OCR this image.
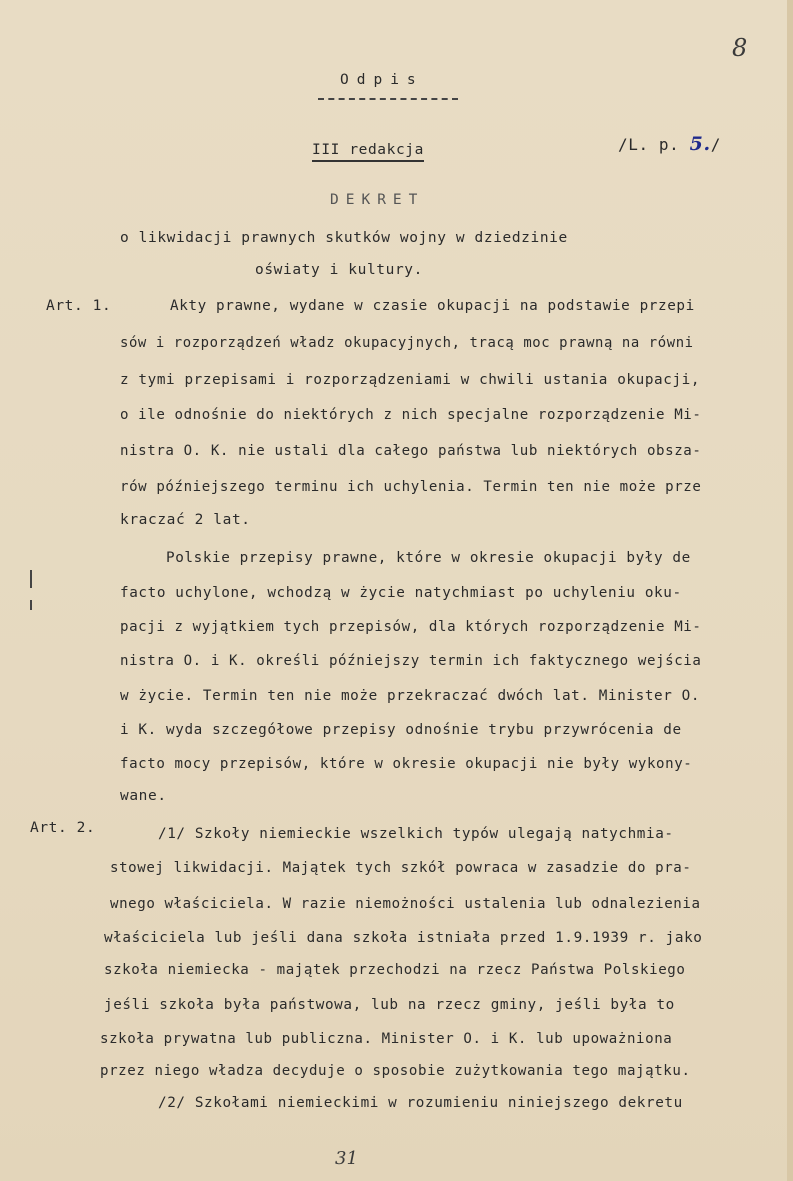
8
Odpis
III redakcja	/L. p. 5./
DEKRET
o likwidacji prawnych skutków wojny w dziedzinie
oświaty i kultury.
Art. 1.	Akty prawne, wydane w czasie okupacji na podstawie przepi
sów i rozporządzeń władz okupacyjnych, tracą moc prawną na równi
z tymi przepisami i rozporządzeniami w chwili ustania okupacji,
o ile odnośnie do niektórych z nich specjalne rozporządzenie Mi-
nistra O. K. nie ustali dla całego państwa lub niektórych obsza-
rów późniejszego terminu ich uchylenia. Termin ten nie może prze
kraczać 2 lat.
Polskie przepisy prawne, które w okresie okupacji były de
facto uchylone, wchodzą w życie natychmiast po uchyleniu oku-
pacji z wyjątkiem tych przepisów, dla których rozporządzenie Mi-
nistra O. i K. określi późniejszy termin ich faktycznego wejścia
w życie. Termin ten nie może przekraczać dwóch lat. Minister O.
i K. wyda szczegółowe przepisy odnośnie trybu przywrócenia de
facto mocy przepisów, które w okresie okupacji nie były wykony-
wane.
Art. 2.	/1/ Szkoły niemieckie wszelkich typów ulegają natychmia-
stowej likwidacji. Majątek tych szkół powraca w zasadzie do pra-
wnego właściciela. W razie niemożności ustalenia lub odnalezienia
właściciela lub jeśli dana szkoła istniała przed 1.9.1939 r. jako
szkoła niemiecka - majątek przechodzi na rzecz Państwa Polskiego
jeśli szkoła była państwowa, lub na rzecz gminy, jeśli była to
szkoła prywatna lub publiczna. Minister O. i K. lub upoważniona
przez niego władza decyduje o sposobie zużytkowania tego majątku.
/2/ Szkołami niemieckimi w rozumieniu niniejszego dekretu
31
